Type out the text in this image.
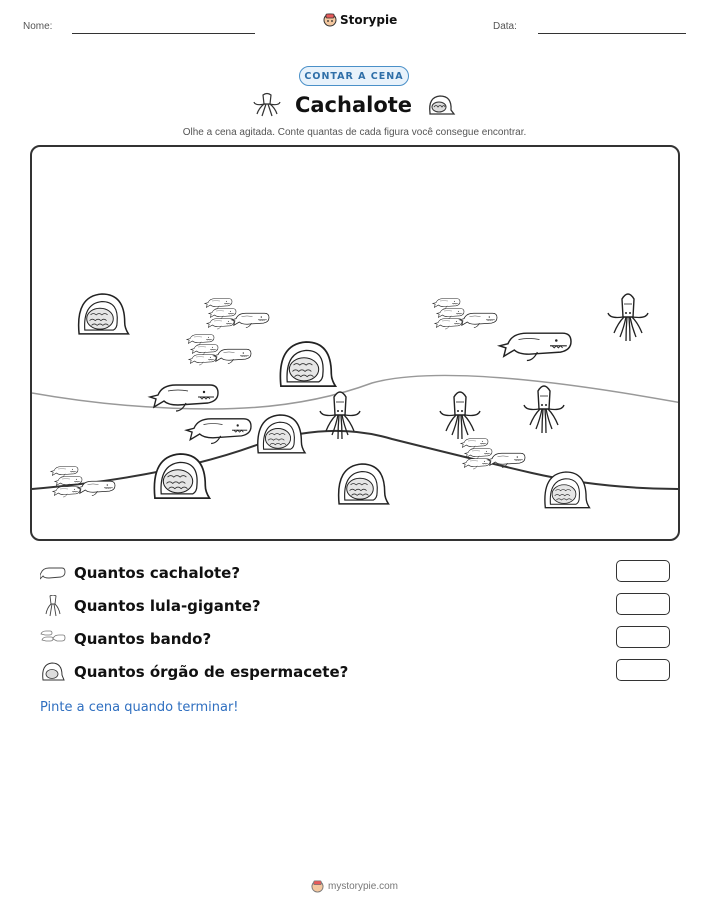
Nome:	Storypie	Data:
CONTAR A CENA
Cachalote
Olhe a cena agitada. Conte quantas de cada figura você consegue encontrar.
Quantos cachalote?
Quantos lula-gigante?
Quantos bando?
Quantos órgão de espermacete?
Pinte a cena quando terminar!
mystorypie.com
